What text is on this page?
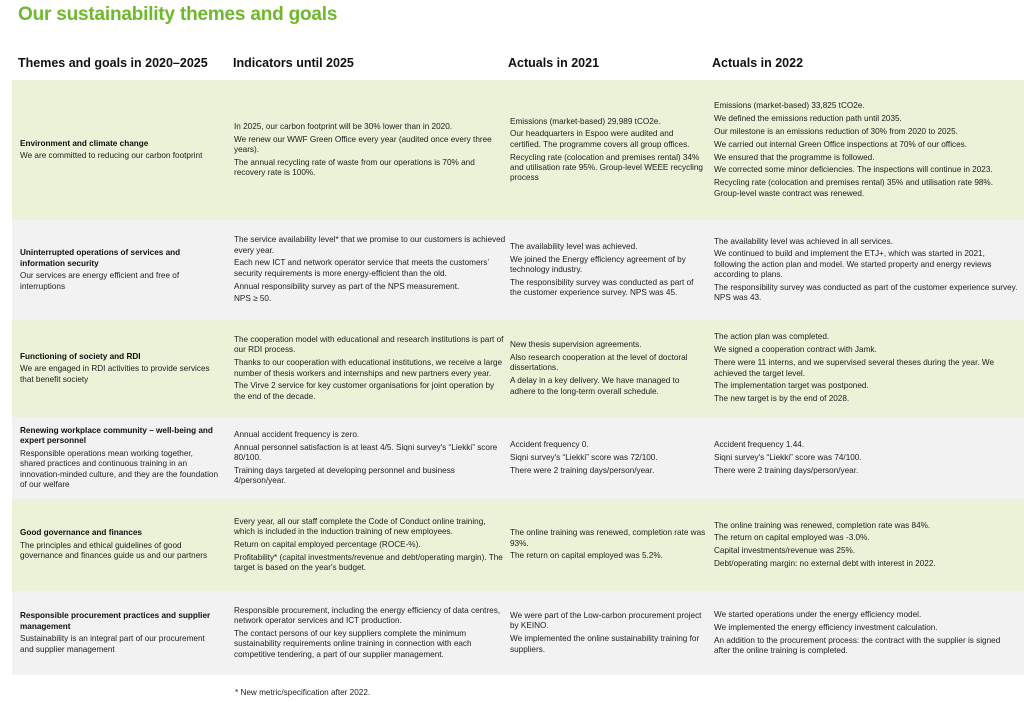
Our sustainability themes and goals
Themes and goals in 2020–2025 Indicators until 2025	Actuals in 2021	Actuals in 2022
Environment and climate change
We are committed to reducing our carbon footprint
In 2025, our carbon footprint will be 30% lower than in 2020.
We renew our WWF Green Office every year (audited once every three years).
The annual recycling rate of waste from our operations is 70% and recovery rate is 100%.
Emissions (market-based) 29,989 tCO2e.
Our headquarters in Espoo were audited and certified. The programme covers all group offices.
Recycling rate (colocation and premises rental) 34% and utilisation rate 95%. Group-level WEEE recycling process
Emissions (market-based) 33,825 tCO2e.
We defined the emissions reduction path until 2035.
Our milestone is an emissions reduction of 30% from 2020 to 2025.
We carried out internal Green Office inspections at 70% of our offices.
We ensured that the programme is followed.
We corrected some minor deficiencies. The inspections will continue in 2023.
Recycling rate (colocation and premises rental) 35% and utilisation rate 98%. Group-level waste contract was renewed.
Uninterrupted operations of services and information security
Our services are energy efficient and free of interruptions
The service availability level* that we promise to our customers is achieved every year.
Each new ICT and network operator service that meets the customers’ security requirements is more energy-efficient than the old.
Annual responsibility survey as part of the NPS measurement.
NPS ≥ 50.
The availability level was achieved.
We joined the Energy efficiency agreement of by technology industry.
The responsibility survey was conducted as part of the customer experience survey. NPS was 45.
The availability level was achieved in all services.
We continued to build and implement the ETJ+, which was started in 2021, following the action plan and model. We started property and energy reviews according to plans.
The responsibility survey was conducted as part of the customer experience survey. NPS was 43.
Functioning of society and RDI
We are engaged in RDI activities to provide services that benefit society
The cooperation model with educational and research institutions is part of our RDI process.
Thanks to our cooperation with educational institutions, we receive a large number of thesis workers and internships and new partners every year.
The Virve 2 service for key customer organisations for joint operation by the end of the decade.
New thesis supervision agreements.
Also research cooperation at the level of doctoral dissertations.
A delay in a key delivery. We have managed to adhere to the long-term overall schedule.
The action plan was completed.
We signed a cooperation contract with Jamk.
There were 11 interns, and we supervised several theses during the year. We achieved the target level.
The implementation target was postponed.
The new target is by the end of 2028.
Renewing workplace community – well-being and expert personnel
Responsible operations mean working together, shared practices and continuous training in an innovation-minded culture, and they are the foundation of our welfare
Annual accident frequency is zero.
Annual personnel satisfaction is at least 4/5. Siqni survey's “Liekki” score 80/100.
Training days targeted at developing personnel and business 4/person/year.
Accident frequency 0.
Siqni survey's “Liekki” score was 72/100.
There were 2 training days/person/year.
Accident frequency 1.44.
Siqni survey's “Liekki” score was 74/100.
There were 2 training days/person/year.
Good governance and finances
The principles and ethical guidelines of good governance and finances guide us and our partners
Every year, all our staff complete the Code of Conduct online training, which is included in the induction training of new employees.
Return on capital employed percentage (ROCE-%).
Profitability* (capital investments/revenue and debt/operating margin). The target is based on the year's budget.
The online training was renewed, completion rate was 93%.
The return on capital employed was 5.2%.
The online training was renewed, completion rate was 84%.
The return on capital employed was -3.0%.
Capital investments/revenue was 25%.
Debt/operating margin: no external debt with interest in 2022.
Responsible procurement practices and supplier management
Sustainability is an integral part of our procurement and supplier management
Responsible procurement, including the energy efficiency of data centres, network operator services and ICT production.
The contact persons of our key suppliers complete the minimum sustainability requirements online training in connection with each competitive tendering, a part of our supplier management.
We were part of the Low-carbon procurement project by KEINO.
We implemented the online sustainability training for suppliers.
We started operations under the energy efficiency model.
We implemented the energy efficiency investment calculation.
An addition to the procurement process: the contract with the supplier is signed after the online training is completed.
* New metric/specification after 2022.
